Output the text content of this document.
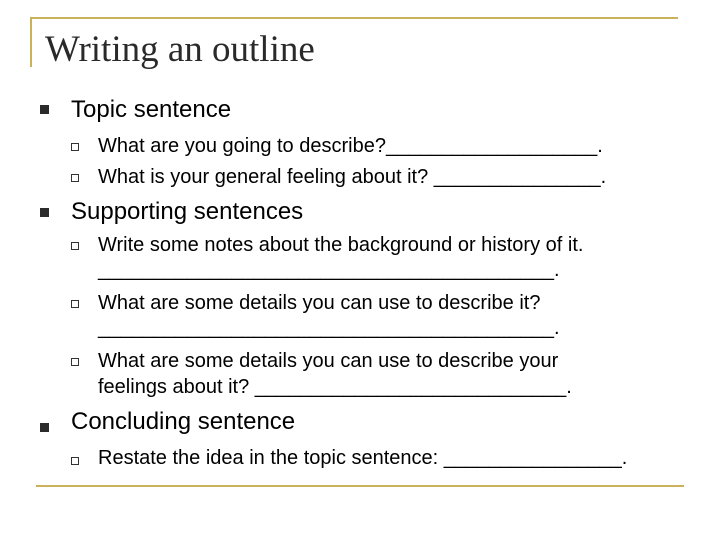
Writing an outline
Topic sentence
What are you going to describe?___________________.
What is your general feeling about it? _______________.
Supporting sentences
Write some notes about the background or history of it.
_________________________________________.
What are some details you can use to describe it?
_________________________________________.
What are some details you can use to describe your
feelings about it? ____________________________.
Concluding sentence
Restate the idea in the topic sentence: ________________.
